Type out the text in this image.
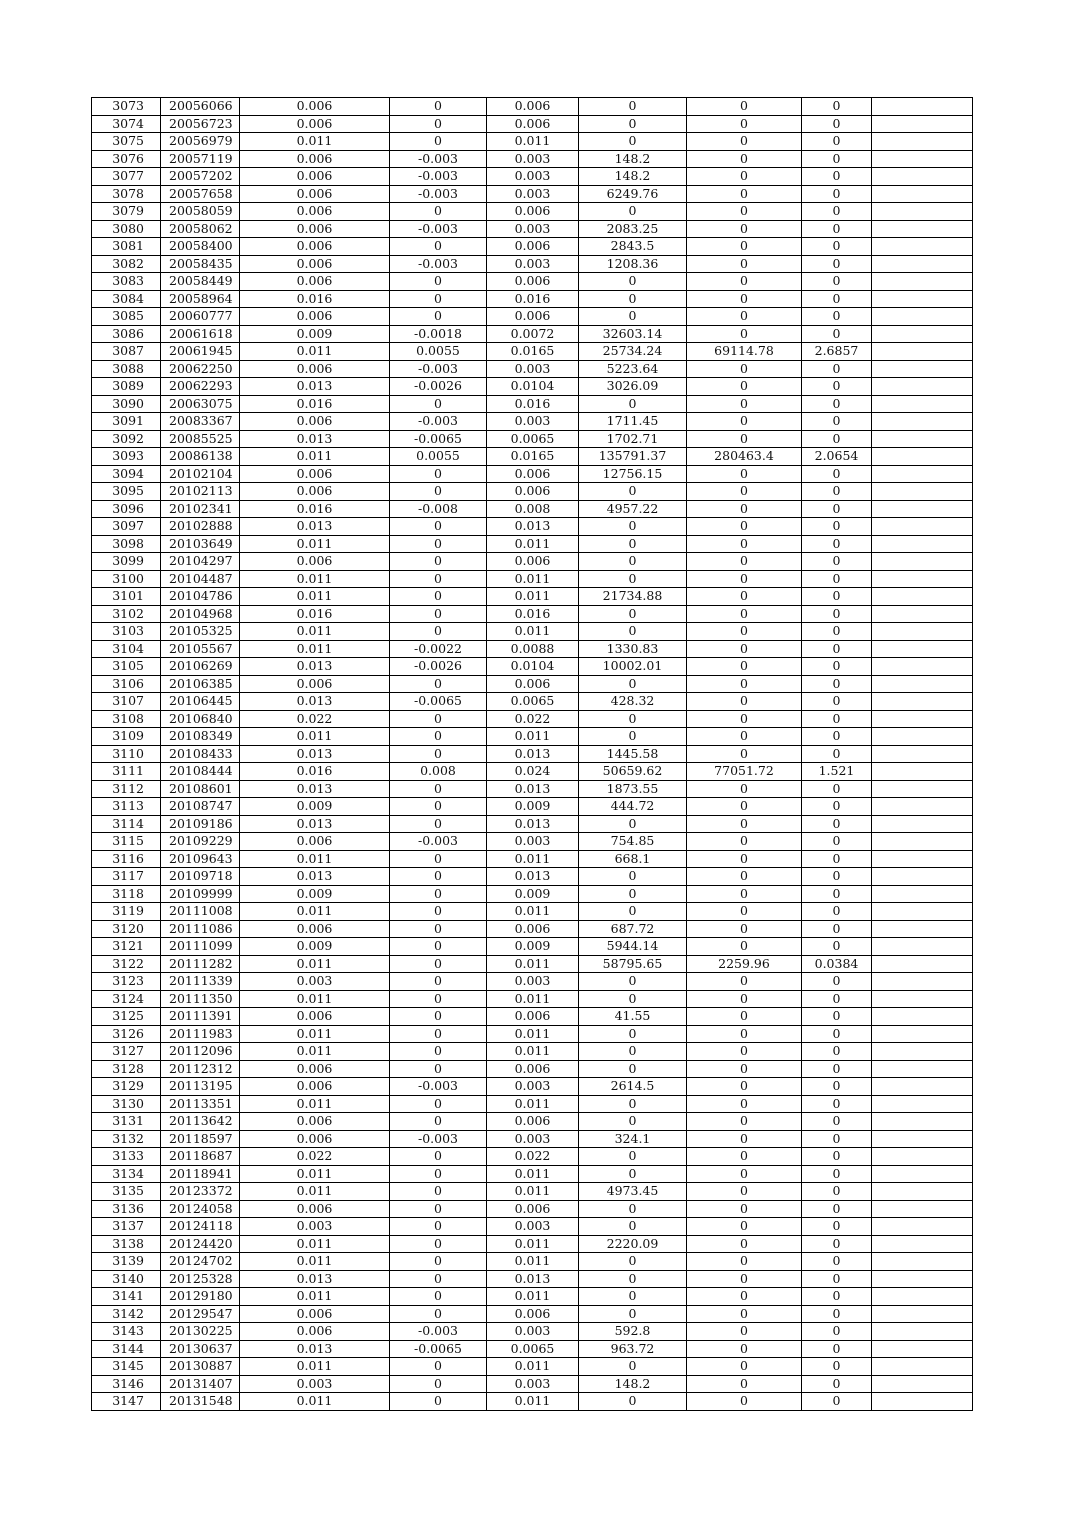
3073	20056066	0.006	0	0.006	0	0	0	
3074	20056723	0.006	0	0.006	0	0	0	
3075	20056979	0.011	0	0.011	0	0	0	
3076	20057119	0.006	-0.003	0.003	148.2	0	0	
3077	20057202	0.006	-0.003	0.003	148.2	0	0	
3078	20057658	0.006	-0.003	0.003	6249.76	0	0	
3079	20058059	0.006	0	0.006	0	0	0	
3080	20058062	0.006	-0.003	0.003	2083.25	0	0	
3081	20058400	0.006	0	0.006	2843.5	0	0	
3082	20058435	0.006	-0.003	0.003	1208.36	0	0	
3083	20058449	0.006	0	0.006	0	0	0	
3084	20058964	0.016	0	0.016	0	0	0	
3085	20060777	0.006	0	0.006	0	0	0	
3086	20061618	0.009	-0.0018	0.0072	32603.14	0	0	
3087	20061945	0.011	0.0055	0.0165	25734.24	69114.78	2.6857	
3088	20062250	0.006	-0.003	0.003	5223.64	0	0	
3089	20062293	0.013	-0.0026	0.0104	3026.09	0	0	
3090	20063075	0.016	0	0.016	0	0	0	
3091	20083367	0.006	-0.003	0.003	1711.45	0	0	
3092	20085525	0.013	-0.0065	0.0065	1702.71	0	0	
3093	20086138	0.011	0.0055	0.0165	135791.37	280463.4	2.0654	
3094	20102104	0.006	0	0.006	12756.15	0	0	
3095	20102113	0.006	0	0.006	0	0	0	
3096	20102341	0.016	-0.008	0.008	4957.22	0	0	
3097	20102888	0.013	0	0.013	0	0	0	
3098	20103649	0.011	0	0.011	0	0	0	
3099	20104297	0.006	0	0.006	0	0	0	
3100	20104487	0.011	0	0.011	0	0	0	
3101	20104786	0.011	0	0.011	21734.88	0	0	
3102	20104968	0.016	0	0.016	0	0	0	
3103	20105325	0.011	0	0.011	0	0	0	
3104	20105567	0.011	-0.0022	0.0088	1330.83	0	0	
3105	20106269	0.013	-0.0026	0.0104	10002.01	0	0	
3106	20106385	0.006	0	0.006	0	0	0	
3107	20106445	0.013	-0.0065	0.0065	428.32	0	0	
3108	20106840	0.022	0	0.022	0	0	0	
3109	20108349	0.011	0	0.011	0	0	0	
3110	20108433	0.013	0	0.013	1445.58	0	0	
3111	20108444	0.016	0.008	0.024	50659.62	77051.72	1.521	
3112	20108601	0.013	0	0.013	1873.55	0	0	
3113	20108747	0.009	0	0.009	444.72	0	0	
3114	20109186	0.013	0	0.013	0	0	0	
3115	20109229	0.006	-0.003	0.003	754.85	0	0	
3116	20109643	0.011	0	0.011	668.1	0	0	
3117	20109718	0.013	0	0.013	0	0	0	
3118	20109999	0.009	0	0.009	0	0	0	
3119	20111008	0.011	0	0.011	0	0	0	
3120	20111086	0.006	0	0.006	687.72	0	0	
3121	20111099	0.009	0	0.009	5944.14	0	0	
3122	20111282	0.011	0	0.011	58795.65	2259.96	0.0384	
3123	20111339	0.003	0	0.003	0	0	0	
3124	20111350	0.011	0	0.011	0	0	0	
3125	20111391	0.006	0	0.006	41.55	0	0	
3126	20111983	0.011	0	0.011	0	0	0	
3127	20112096	0.011	0	0.011	0	0	0	
3128	20112312	0.006	0	0.006	0	0	0	
3129	20113195	0.006	-0.003	0.003	2614.5	0	0	
3130	20113351	0.011	0	0.011	0	0	0	
3131	20113642	0.006	0	0.006	0	0	0	
3132	20118597	0.006	-0.003	0.003	324.1	0	0	
3133	20118687	0.022	0	0.022	0	0	0	
3134	20118941	0.011	0	0.011	0	0	0	
3135	20123372	0.011	0	0.011	4973.45	0	0	
3136	20124058	0.006	0	0.006	0	0	0	
3137	20124118	0.003	0	0.003	0	0	0	
3138	20124420	0.011	0	0.011	2220.09	0	0	
3139	20124702	0.011	0	0.011	0	0	0	
3140	20125328	0.013	0	0.013	0	0	0	
3141	20129180	0.011	0	0.011	0	0	0	
3142	20129547	0.006	0	0.006	0	0	0	
3143	20130225	0.006	-0.003	0.003	592.8	0	0	
3144	20130637	0.013	-0.0065	0.0065	963.72	0	0	
3145	20130887	0.011	0	0.011	0	0	0	
3146	20131407	0.003	0	0.003	148.2	0	0	
3147	20131548	0.011	0	0.011	0	0	0	
